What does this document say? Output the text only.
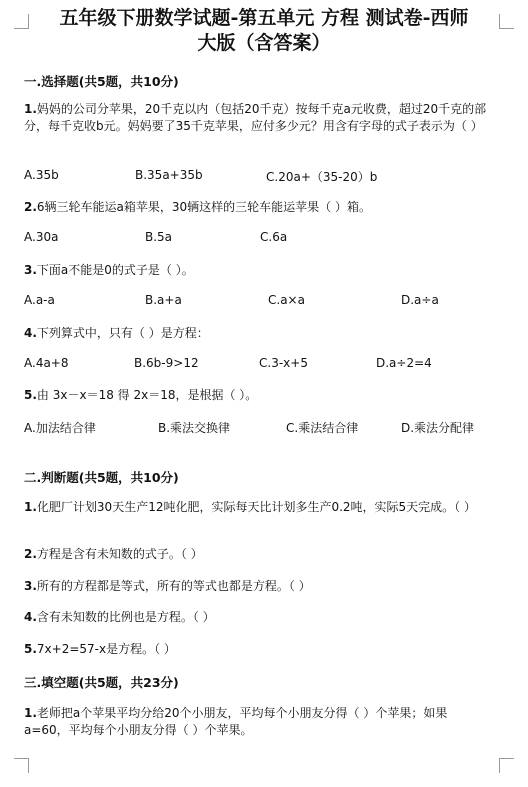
五年级下册数学试题-第五单元 方程 测试卷-西师
大版（含答案）
一.选择题(共5题，共10分)
1.妈妈的公司分苹果，20千克以内（包括20千克）按每千克a元收费，超过20千克的部分，每千克收b元。妈妈要了35千克苹果，应付多少元？用含有字母的式子表示为（ ）
A.35b	B.35a+35b	C.20a+（35-20）b
2.6辆三轮车能运a箱苹果，30辆这样的三轮车能运苹果（ ）箱。
A.30a	B.5a	C.6a
3.下面a不能是0的式子是（ ）。
A.a-a	B.a+a	C.a×a	D.a÷a
4.下列算式中，只有（ ）是方程：
A.4a+8	B.6b-9>12	C.3-x+5	D.a÷2=4
5.由 3x－x＝18 得 2x＝18，是根据（ ）。
A.加法结合律	B.乘法交换律	C.乘法结合律	D.乘法分配律
二.判断题(共5题，共10分)
1.化肥厂计划30天生产12吨化肥，实际每天比计划多生产0.2吨，实际5天完成。（ ）
2.方程是含有未知数的式子。（ ）
3.所有的方程都是等式，所有的等式也都是方程。（ ）
4.含有未知数的比例也是方程。（ ）
5.7x+2=57-x是方程。（ ）
三.填空题(共5题，共23分)
1.老师把a个苹果平均分给20个小朋友，平均每个小朋友分得（ ）个苹果；如果a=60，平均每个小朋友分得（ ）个苹果。
